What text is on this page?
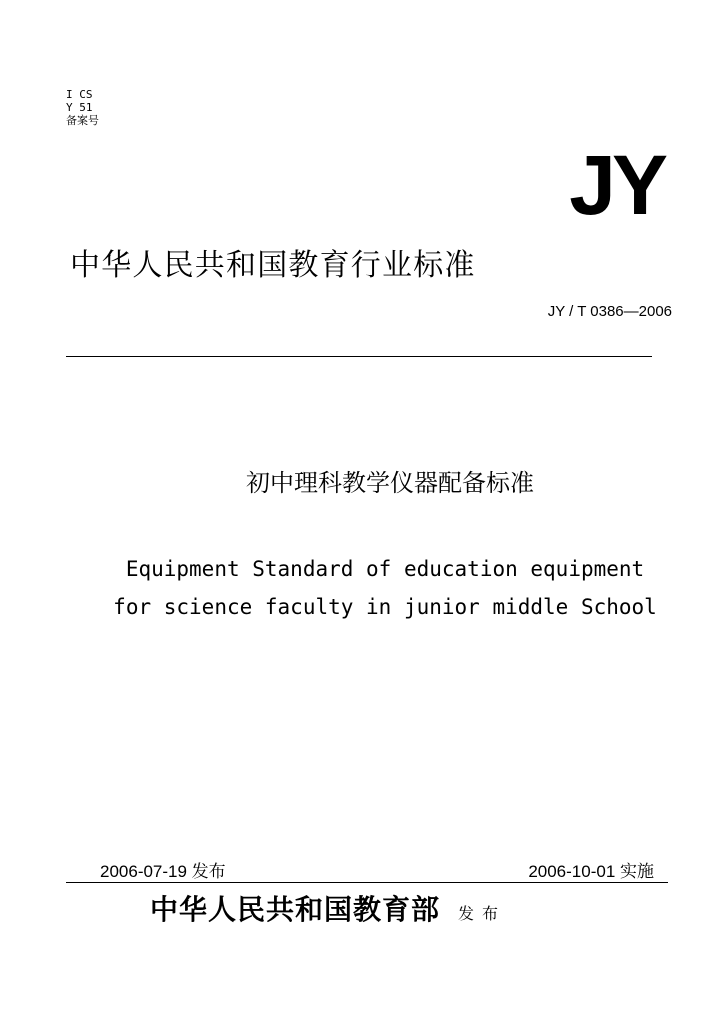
I CS
Y 51
备案号
JY
中华人民共和国教育行业标准
JY / T 0386—2006
初中理科教学仪器配备标准
Equipment Standard of education equipment
for science faculty in junior middle School
2006-07-19 发布	2006-10-01 实施
中华人民共和国教育部 发布
